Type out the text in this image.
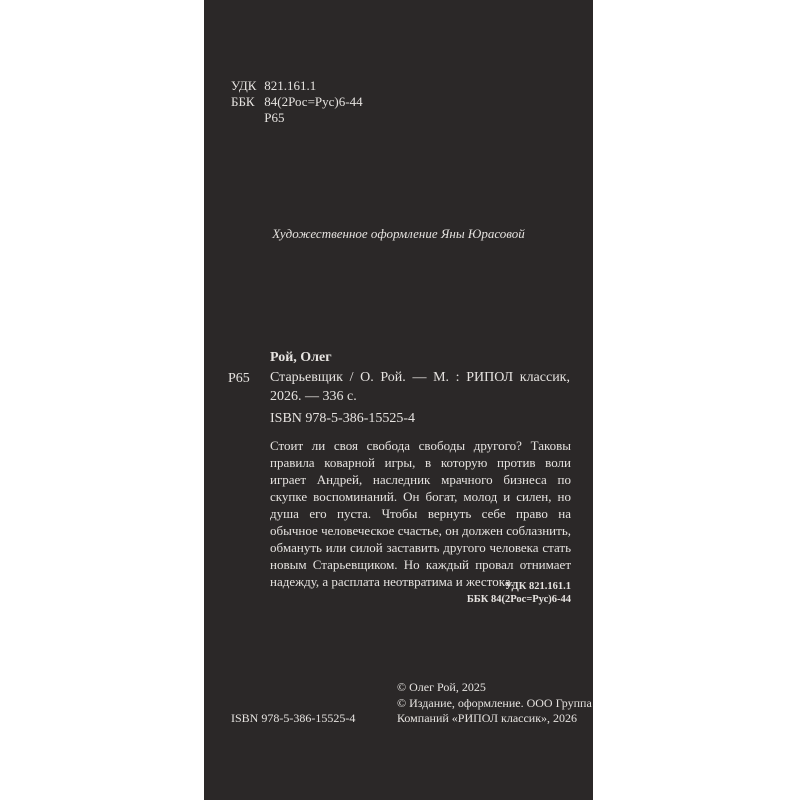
УДК 821.161.1
ББК 84(2Рос=Рус)6-44
Р65
Художественное оформление Яны Юрасовой
Рой, Олег
Р65 Старьевщик / О. Рой. — М. : РИПОЛ классик, 2026. — 336 с.
ISBN 978-5-386-15525-4
Стоит ли своя свобода свободы другого? Таковы правила коварной игры, в которую против воли играет Андрей, наследник мрачного бизнеса по скупке воспоминаний. Он богат, молод и силен, но душа его пуста. Чтобы вернуть себе право на обычное человеческое счастье, он должен соблазнить, обмануть или силой заставить другого человека стать новым Старьевщиком. Но каждый провал отнимает надежду, а расплата неотвратима и жестока.
УДК 821.161.1
ББК 84(2Рос=Рус)6-44
© Олег Рой, 2025
© Издание, оформление. ООО Группа
Компаний «РИПОЛ классик», 2026
ISBN 978-5-386-15525-4
